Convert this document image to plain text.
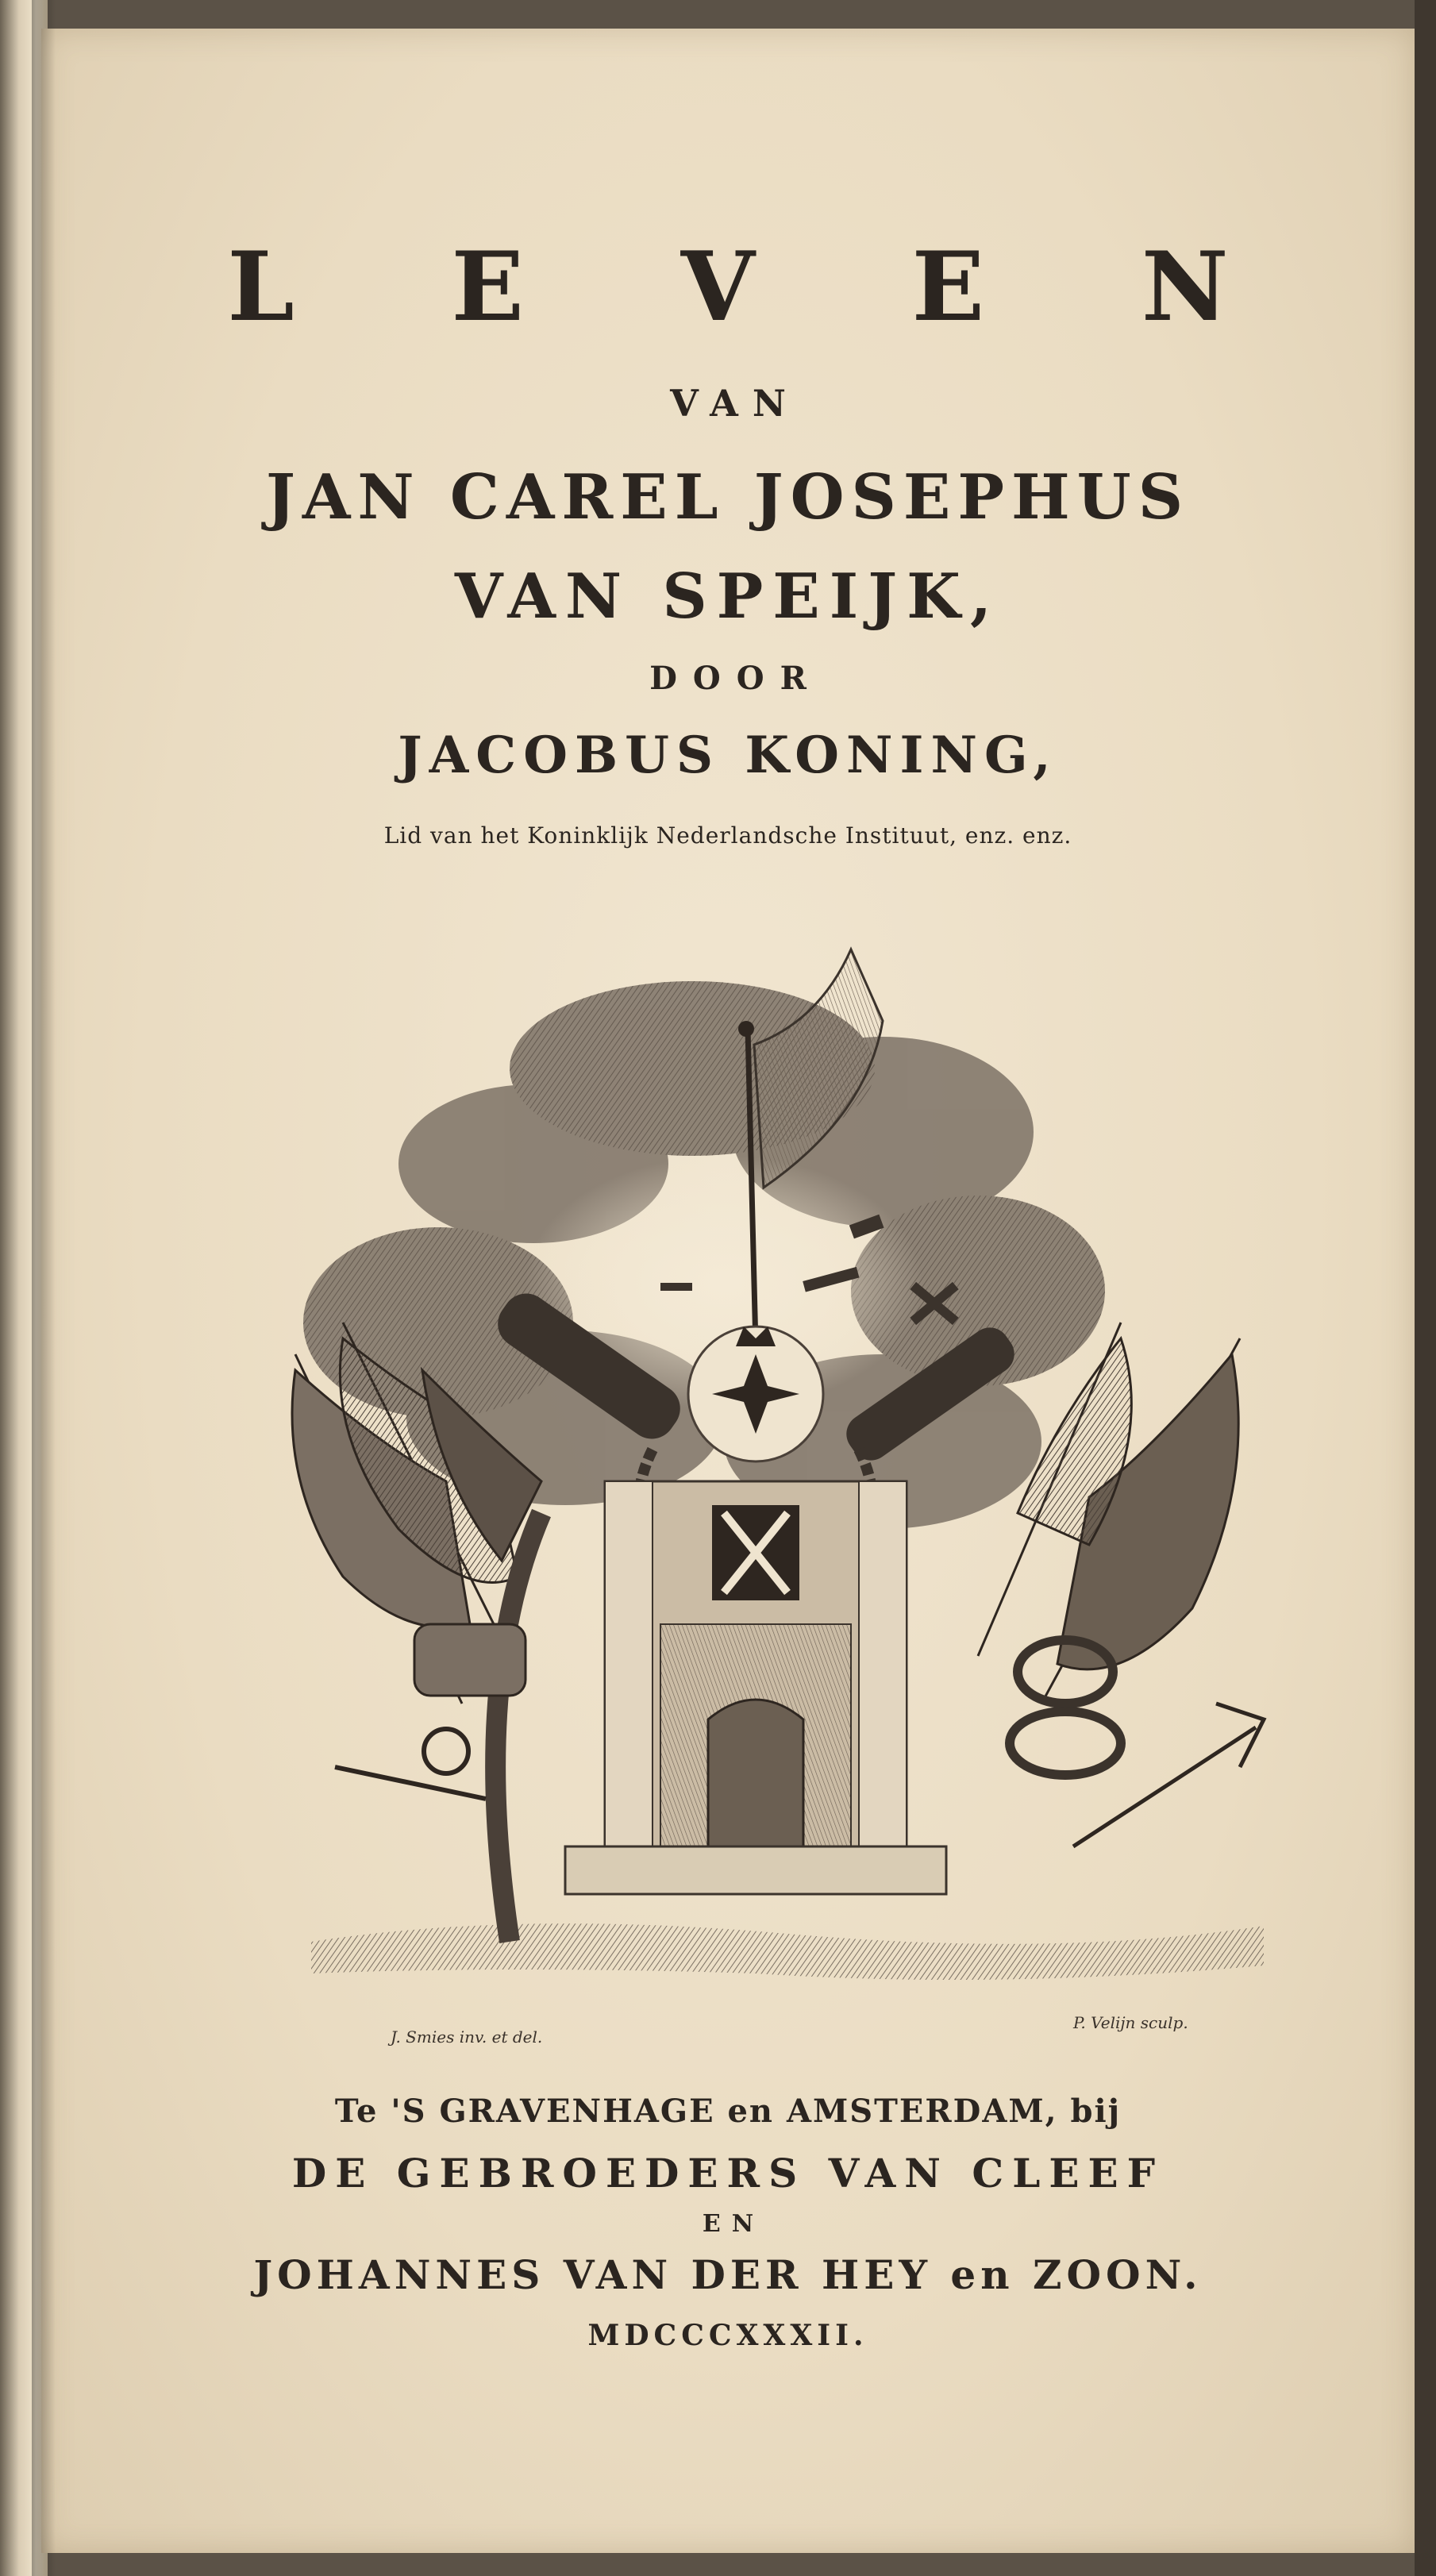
L E V E N
VAN
JAN CAREL JOSEPHUS
VAN SPEIJK,
DOOR
JACOBUS KONING,
Lid van het Koninklijk Nederlandsche Instituut, enz. enz.
J. Smies inv. et del.
P. Velijn sculp.
Te 'S GRAVENHAGE en AMSTERDAM, bij
DE GEBROEDERS VAN CLEEF
EN
JOHANNES VAN DER HEY en ZOON.
MDCCCXXXII.
